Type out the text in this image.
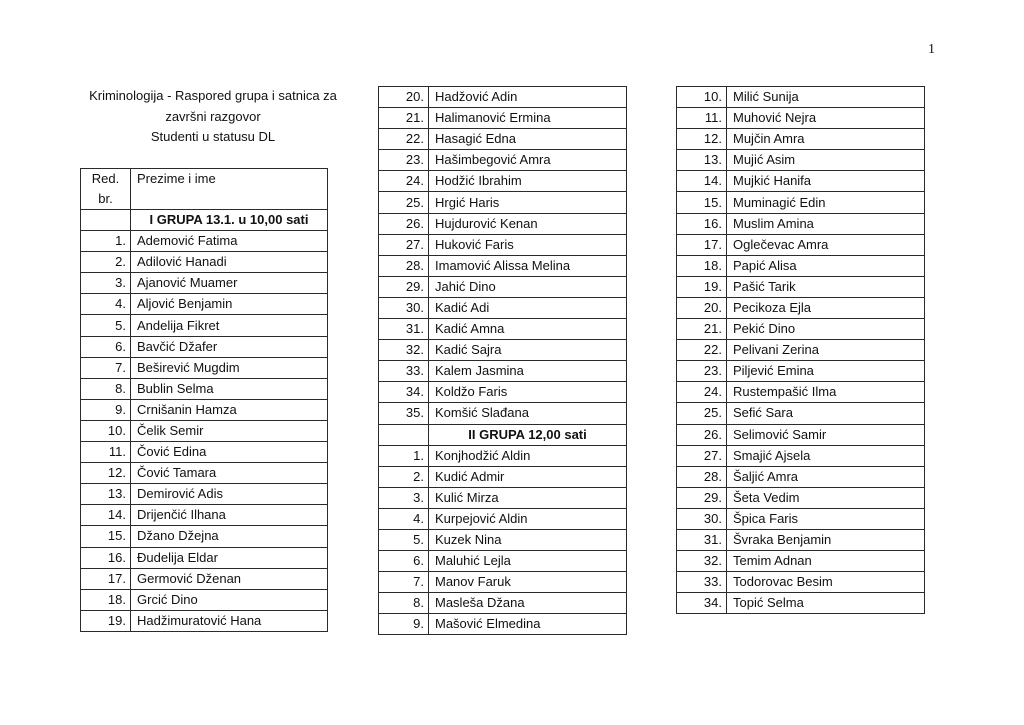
1
Kriminologija - Raspored grupa i satnica za
završni razgovor
Studenti u statusu DL
Red.
br.	Prezime i ime
	I GRUPA 13.1. u 10,00 sati
1.	Ademović Fatima
2.	Adilović Hanadi
3.	Ajanović Muamer
4.	Aljović Benjamin
5.	Andelija Fikret
6.	Bavčić Džafer
7.	Beširević Mugdim
8.	Bublin Selma
9.	Crnišanin Hamza
10.	Čelik Semir
11.	Čović Edina
12.	Čović Tamara
13.	Demirović Adis
14.	Drijenčić Ilhana
15.	Džano Džejna
16.	Đudelija Eldar
17.	Germović Dženan
18.	Grcić Dino
19.	Hadžimuratović Hana
20.	Hadžović Adin
21.	Halimanović Ermina
22.	Hasagić Edna
23.	Hašimbegović Amra
24.	Hodžić Ibrahim
25.	Hrgić Haris
26.	Hujdurović Kenan
27.	Huković Faris
28.	Imamović Alissa Melina
29.	Jahić Dino
30.	Kadić Adi
31.	Kadić Amna
32.	Kadić Sajra
33.	Kalem Jasmina
34.	Koldžo Faris
35.	Komšić Slađana
	II GRUPA 12,00 sati
1.	Konjhodžić Aldin
2.	Kudić Admir
3.	Kulić Mirza
4.	Kurpejović Aldin
5.	Kuzek Nina
6.	Maluhić Lejla
7.	Manov Faruk
8.	Masleša Džana
9.	Mašović Elmedina
10.	Milić Sunija
11.	Muhović Nejra
12.	Mujčin Amra
13.	Mujić Asim
14.	Mujkić Hanifa
15.	Muminagić Edin
16.	Muslim Amina
17.	Oglečevac Amra
18.	Papić Alisa
19.	Pašić Tarik
20.	Pecikoza Ejla
21.	Pekić Dino
22.	Pelivani Zerina
23.	Piljević Emina
24.	Rustempašić Ilma
25.	Sefić Sara
26.	Selimović Samir
27.	Smajić Ajsela
28.	Šaljić Amra
29.	Šeta Vedim
30.	Špica Faris
31.	Švraka Benjamin
32.	Temim Adnan
33.	Todorovac Besim
34.	Topić Selma
